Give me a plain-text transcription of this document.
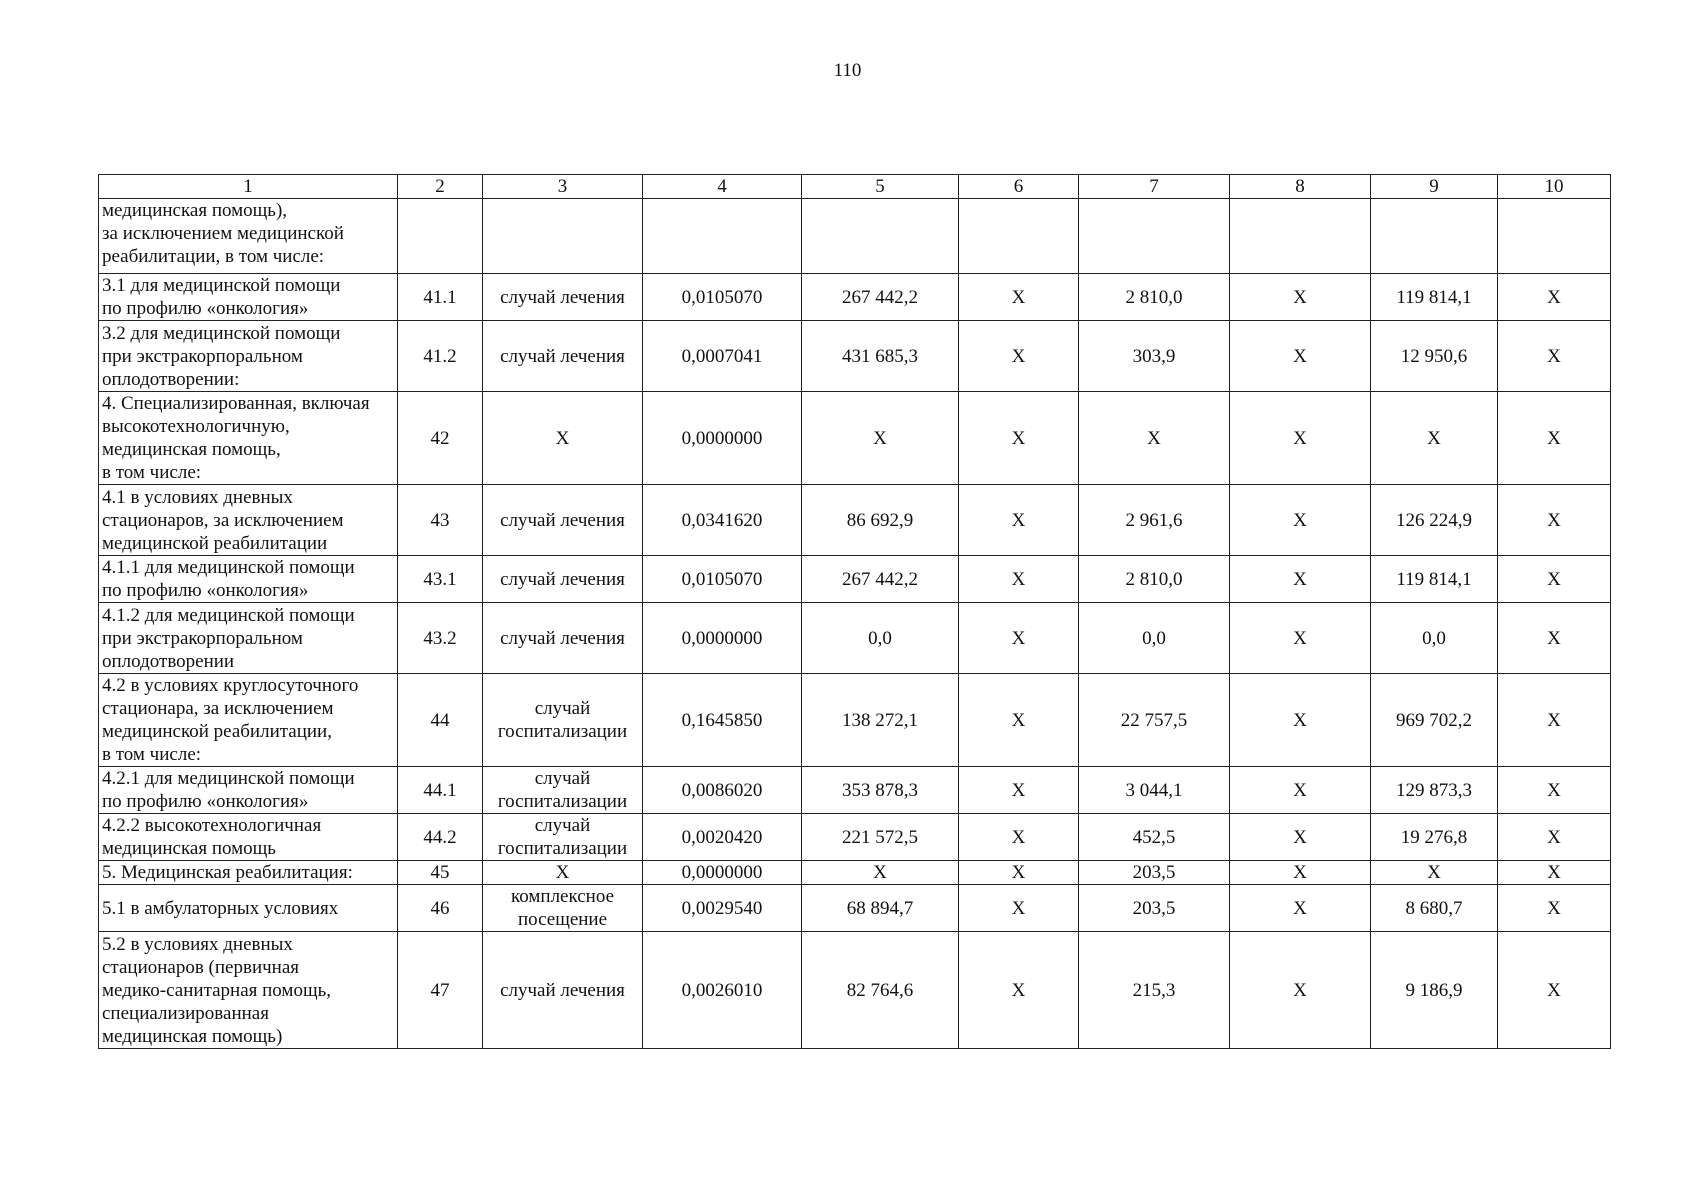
110
1	2	3	4	5	6	7	8	9	10
медицинская помощь),
за исключением медицинской
реабилитации, в том числе:									
3.1 для медицинской помощи
по профилю «онкология»	41.1	случай лечения	0,0105070	267 442,2	Х	2 810,0	Х	119 814,1	Х
3.2 для медицинской помощи
при экстракорпоральном
оплодотворении:	41.2	случай лечения	0,0007041	431 685,3	Х	303,9	Х	12 950,6	Х
4. Специализированная, включая
высокотехнологичную,
медицинская помощь,
в том числе:	42	Х	0,0000000	Х	Х	Х	Х	Х	Х
4.1 в условиях дневных
стационаров, за исключением
медицинской реабилитации	43	случай лечения	0,0341620	86 692,9	Х	2 961,6	Х	126 224,9	Х
4.1.1 для медицинской помощи
по профилю «онкология»	43.1	случай лечения	0,0105070	267 442,2	Х	2 810,0	Х	119 814,1	Х
4.1.2 для медицинской помощи
при экстракорпоральном
оплодотворении	43.2	случай лечения	0,0000000	0,0	Х	0,0	Х	0,0	Х
4.2 в условиях круглосуточного
стационара, за исключением
медицинской реабилитации,
в том числе:	44	случай
госпитализации	0,1645850	138 272,1	Х	22 757,5	Х	969 702,2	Х
4.2.1 для медицинской помощи
по профилю «онкология»	44.1	случай
госпитализации	0,0086020	353 878,3	Х	3 044,1	Х	129 873,3	Х
4.2.2 высокотехнологичная
медицинская помощь	44.2	случай
госпитализации	0,0020420	221 572,5	Х	452,5	Х	19 276,8	Х
5. Медицинская реабилитация:	45	Х	0,0000000	Х	Х	203,5	Х	Х	Х
5.1 в амбулаторных условиях	46	комплексное
посещение	0,0029540	68 894,7	Х	203,5	Х	8 680,7	Х
5.2 в условиях дневных
стационаров (первичная
медико-санитарная помощь,
специализированная
медицинская помощь)	47	случай лечения	0,0026010	82 764,6	Х	215,3	Х	9 186,9	Х
